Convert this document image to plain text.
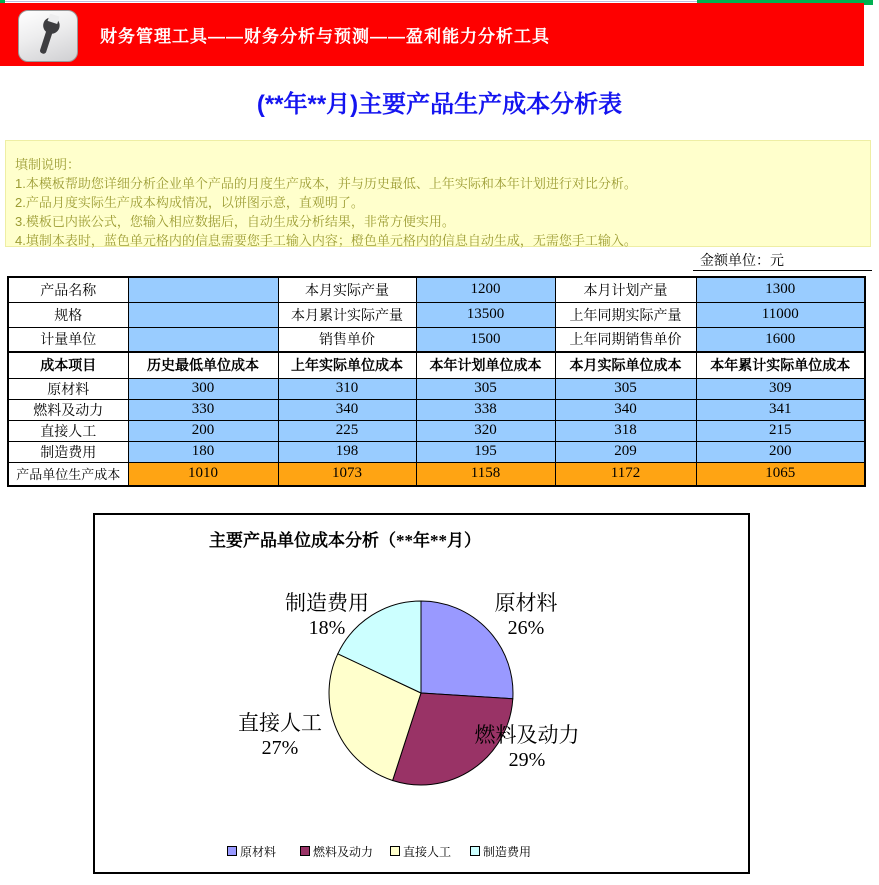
财务管理工具——财务分析与预测——盈利能力分析工具
(**年**月)主要产品生产成本分析表
填制说明：
1.本模板帮助您详细分析企业单个产品的月度生产成本，并与历史最低、上年实际和本年计划进行对比分析。
2.产品月度实际生产成本构成情况，以饼图示意，直观明了。
3.模板已内嵌公式，您输入相应数据后，自动生成分析结果，非常方便实用。
4.填制本表时，蓝色单元格内的信息需要您手工输入内容；橙色单元格内的信息自动生成，无需您手工输入。
金额单位：元
产品名称		本月实际产量	1200	本月计划产量	1300
规格		本月累计实际产量	13500	上年同期实际产量	11000
计量单位		销售单价	1500	上年同期销售单价	1600
成本项目	历史最低单位成本	上年实际单位成本	本年计划单位成本	本月实际单位成本	本年累计实际单位成本
原材料	300	310	305	305	309
燃料及动力	330	340	338	340	341
直接人工	200	225	320	318	215
制造费用	180	198	195	209	200
产品单位生产成本	1010	1073	1158	1172	1065
主要产品单位成本分析（**年**月）
原材料
26%
燃料及动力
29%
直接人工
27%
制造费用
18%
原材料	燃料及动力 直接人工	制造费用
